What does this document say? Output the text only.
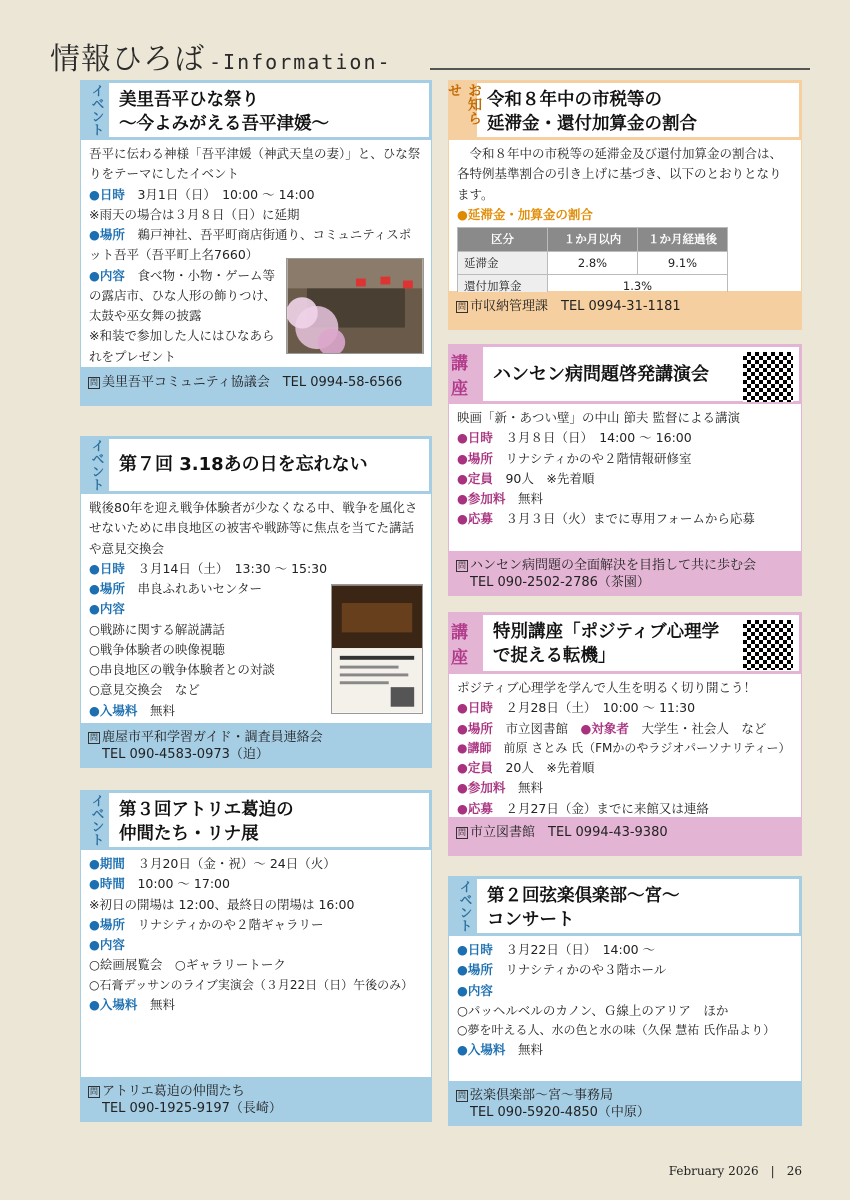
情報ひろば -Information-
イベント 美里吾平ひな祭り
〜今よみがえる吾平津媛〜
吾平に伝わる神様「吾平津媛（神武天皇の妻）」と、ひな祭りをテーマにしたイベント
●日時　 3月1日（日）　10:00 〜 14:00
※雨天の場合は３月８日（日）に延期
●場所　 鵜戸神社、吾平町商店街通り、コミュニティスポット吾平（吾平町上名7660）
●内容　 食べ物・小物・ゲーム等の露店市、ひな人形の飾りつけ、太鼓や巫女舞の披露
※和装で参加した人にはひなあられをプレゼント
問 美里吾平コミュニティ協議会　TEL 0994-58-6566
お知らせ	令和８年中の市税等の
延滞金・還付加算金の割合
令和８年中の市税等の延滞金及び還付加算金の割合は、各特例基準割合の引き上げに基づき、以下のとおりとなります。
●延滞金・加算金の割合
区分	１か月以内	１か月経過後
延滞金	2.8%	9.1%
還付加算金	1.3%	
問 市収納管理課　TEL 0994-31-1181
講座
ハンセン病問題啓発講演会
映画「新・あつい壁」の中山 節夫 監督による講演
●日時　 ３月８日（日）　14:00 〜 16:00
●場所　 リナシティかのや２階情報研修室
●定員　 90人　※先着順
●参加料　 無料
●応募　 ３月３日（火）までに専用フォームから応募
問 ハンセン病問題の全面解決を目指して共に歩む会
TEL 090-2502-2786（茶園）
イベント 第７回 3.18あの日を忘れない
戦後80年を迎え戦争体験者が少なくなる中、戦争を風化させないために串良地区の被害や戦跡等に焦点を当てた講話や意見交換会
●日時　 ３月14日（土）　13:30 〜 15:30
●場所　 串良ふれあいセンター
●内容
○戦跡に関する解説講話
○戦争体験者の映像視聴
○串良地区の戦争体験者との対談
○意見交換会　など
●入場料　 無料
問 鹿屋市平和学習ガイド・調査員連絡会
TEL 090-4583-0973（迫）
講座
特別講座「ポジティブ心理学
で捉える転機」
ポジティブ心理学を学んで人生を明るく切り開こう！
●日時　 ２月28日（土）　10:00 〜 11:30
●場所　 市立図書館　 ●対象者　 大学生・社会人　など
●講師　 前原 さとみ 氏（FMかのやラジオパーソナリティー）
●定員　 20人　※先着順
●参加料　 無料
●応募　 ２月27日（金）までに来館又は連絡
問 市立図書館　TEL 0994-43-9380
イベント 第３回アトリエ葛迫の
仲間たち・リナ展
●期間　 ３月20日（金・祝）〜 24日（火）
●時間　 10:00 〜 17:00
※初日の開場は 12:00、最終日の閉場は 16:00
●場所　 リナシティかのや２階ギャラリー
●内容
○絵画展覧会　○ギャラリートーク
○石膏デッサンのライブ実演会（３月22日（日）午後のみ）
●入場料　 無料
問 アトリエ葛迫の仲間たち
TEL 090-1925-9197（長崎）
イベント 第２回弦楽倶楽部〜宮〜
コンサート
●日時　 ３月22日（日）　14:00 〜
●場所　 リナシティかのや３階ホール
●内容
○パッヘルベルのカノン、Ｇ線上のアリア　ほか
○夢を叶える人、水の色と水の味（久保 慧祐 氏作品より）
●入場料　 無料
問 弦楽倶楽部〜宮〜事務局
TEL 090-5920-4850（中原）
February 2026　|　26
